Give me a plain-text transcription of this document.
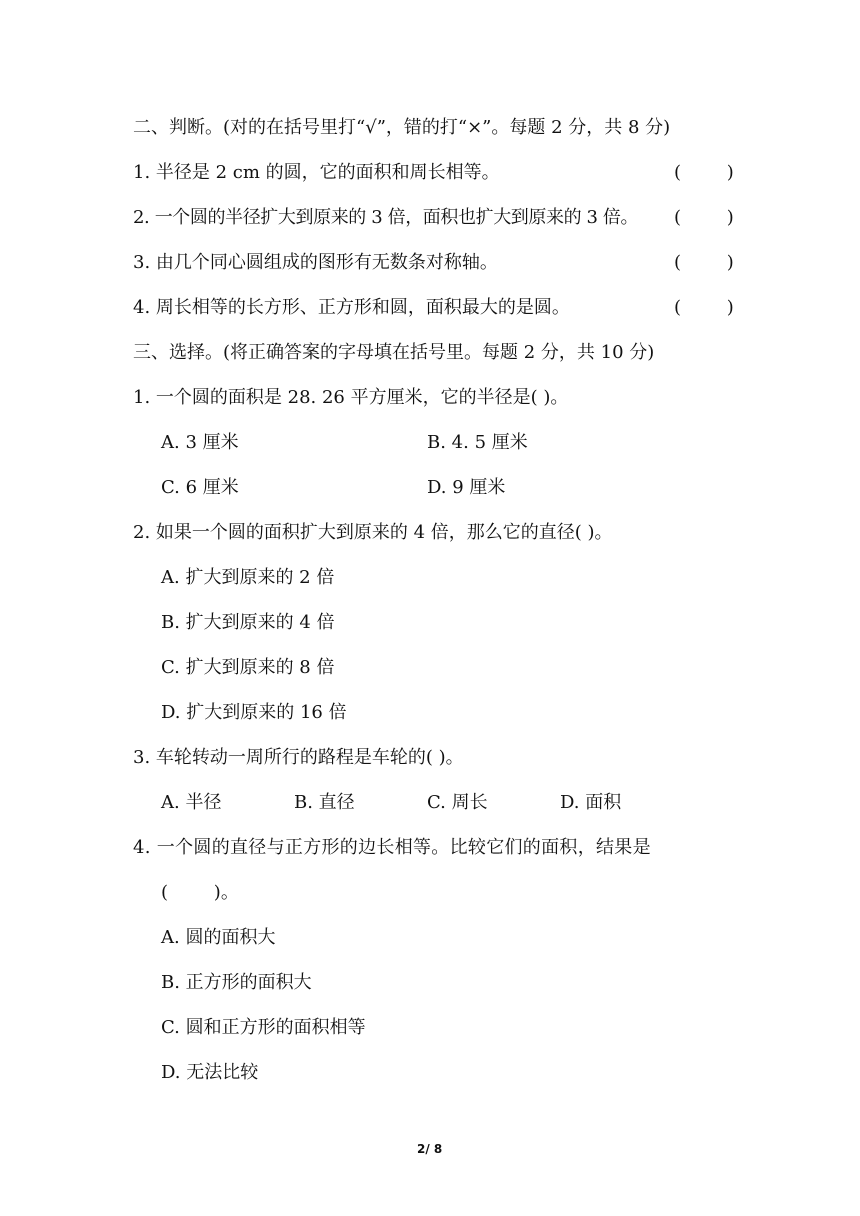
二、判断。(对的在括号里打“√”，错的打“×”。每题 2 分，共 8 分)
1. 半径是 2 cm 的圆，它的面积和周长相等。	(        )
2. 一个圆的半径扩大到原来的 3 倍，面积也扩大到原来的 3 倍。 (        )
3. 由几个同心圆组成的图形有无数条对称轴。	(        )
4. 周长相等的长方形、正方形和圆，面积最大的是圆。	(        )
三、选择。(将正确答案的字母填在括号里。每题 2 分，共 10 分)
1. 一个圆的面积是 28. 26 平方厘米，它的半径是( )。
A. 3 厘米	B. 4. 5 厘米
C. 6 厘米	D. 9 厘米
2. 如果一个圆的面积扩大到原来的 4 倍，那么它的直径( )。
A. 扩大到原来的 2 倍
B. 扩大到原来的 4 倍
C. 扩大到原来的 8 倍
D. 扩大到原来的 16 倍
3. 车轮转动一周所行的路程是车轮的( )。
A. 半径	B. 直径	C. 周长	D. 面积
4. 一个圆的直径与正方形的边长相等。比较它们的面积，结果是
(        )。
A. 圆的面积大
B. 正方形的面积大
C. 圆和正方形的面积相等
D. 无法比较
2/ 8
